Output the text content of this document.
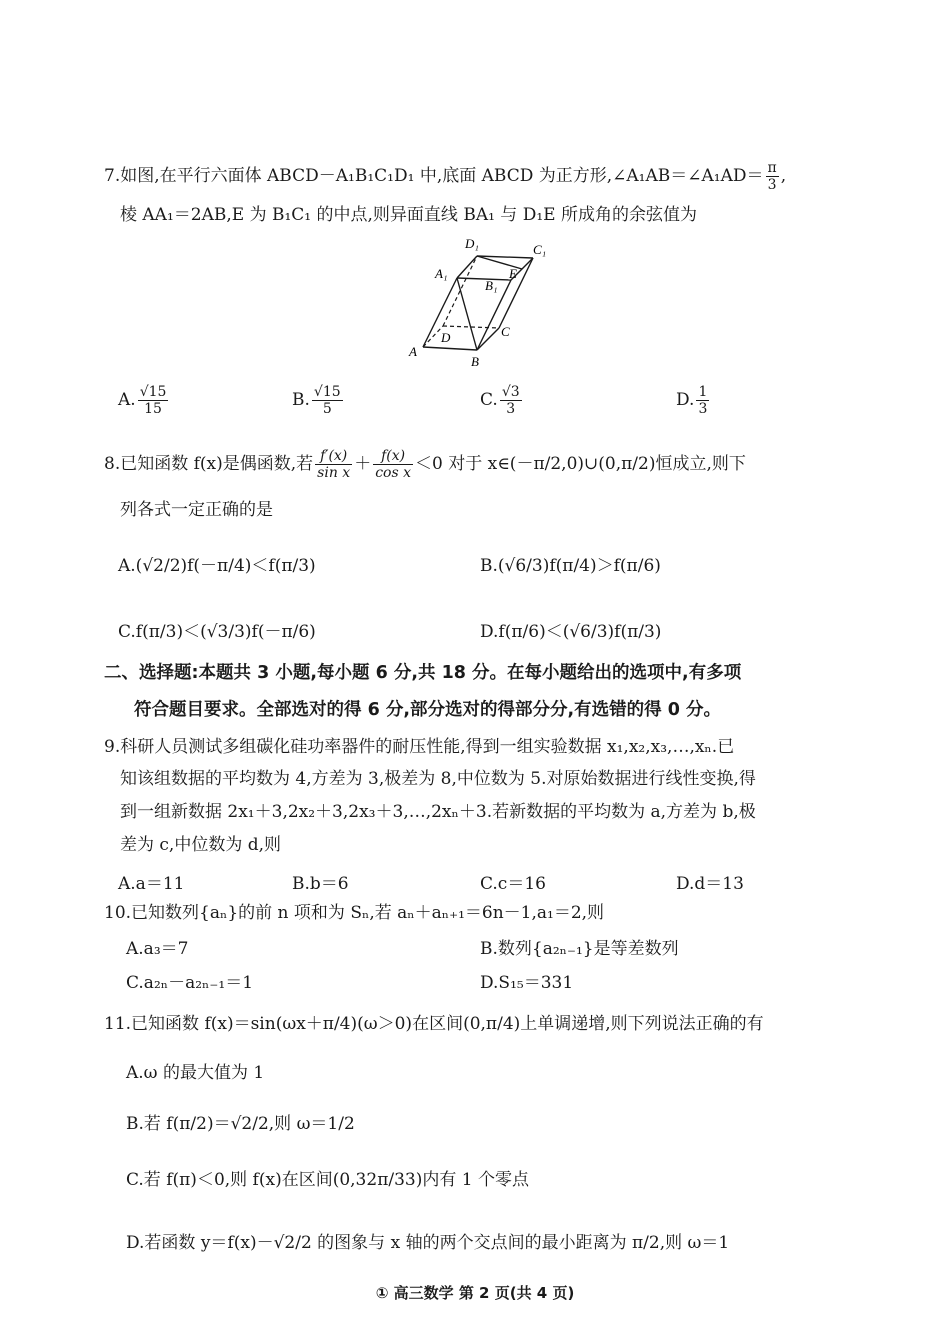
7.如图,在平行六面体 ABCD－A₁B₁C₁D₁ 中,底面 ABCD 为正方形,∠A₁AB＝∠A₁AD＝ $\frac{\pi}{3}$ ,
棱 AA₁＝2AB,E 为 B₁C₁ 的中点,则异面直线 BA₁ 与 D₁E 所成角的余弦值为
D₁	C₁
A₁
B₁
E
D	C
A
B
A. $\frac{√15}{15}$	B. $\frac{√15}{5}$	C. $\frac{√3}{3}$	D. $\frac{1}{3}$
8.已知函数 f(x)是偶函数,若 $\frac{f'(x)}{\text{sin x}} + \frac{f(x)}{\text{cos x}} <0$ 对于 x∈(－π/2,0)∪(0,π/2)恒成立,则下
列各式一定正确的是
A.(√2/2)f(－π/4)＜f(π/3)	B.(√6/3)f(π/4)＞f(π/6)
C.f(π/3)＜(√3/3)f(－π/6)	D.f(π/6)＜(√6/3)f(π/3)
二、选择题:本题共 3 小题,每小题 6 分,共 18 分。在每小题给出的选项中,有多项
符合题目要求。全部选对的得 6 分,部分选对的得部分分,有选错的得 0 分。
9.科研人员测试多组碳化硅功率器件的耐压性能,得到一组实验数据 x₁,x₂,x₃,…,xₙ.已
知该组数据的平均数为 4,方差为 3,极差为 8,中位数为 5.对原始数据进行线性变换,得
到一组新数据 2x₁＋3,2x₂＋3,2x₃＋3,…,2xₙ＋3.若新数据的平均数为 a,方差为 b,极
差为 c,中位数为 d,则
A.a＝11	B.b＝6	C.c＝16	D.d＝13
10.已知数列{aₙ}的前 n 项和为 Sₙ,若 aₙ＋aₙ₊₁＝6n－1,a₁＝2,则
A.a₃＝7	B.数列{a₂ₙ₋₁}是等差数列
C.a₂ₙ－a₂ₙ₋₁＝1	D.S₁₅＝331
11.已知函数 f(x)＝sin(ωx＋π/4)(ω＞0)在区间(0,π/4)上单调递增,则下列说法正确的有
A.ω 的最大值为 1
B.若 f(π/2)＝√2/2,则 ω＝1/2
C.若 f(π)＜0,则 f(x)在区间(0,32π/33)内有 1 个零点
D.若函数 y＝f(x)－√2/2 的图象与 x 轴的两个交点间的最小距离为 π/2,则 ω＝1
① 高三数学 第 2 页(共 4 页)
